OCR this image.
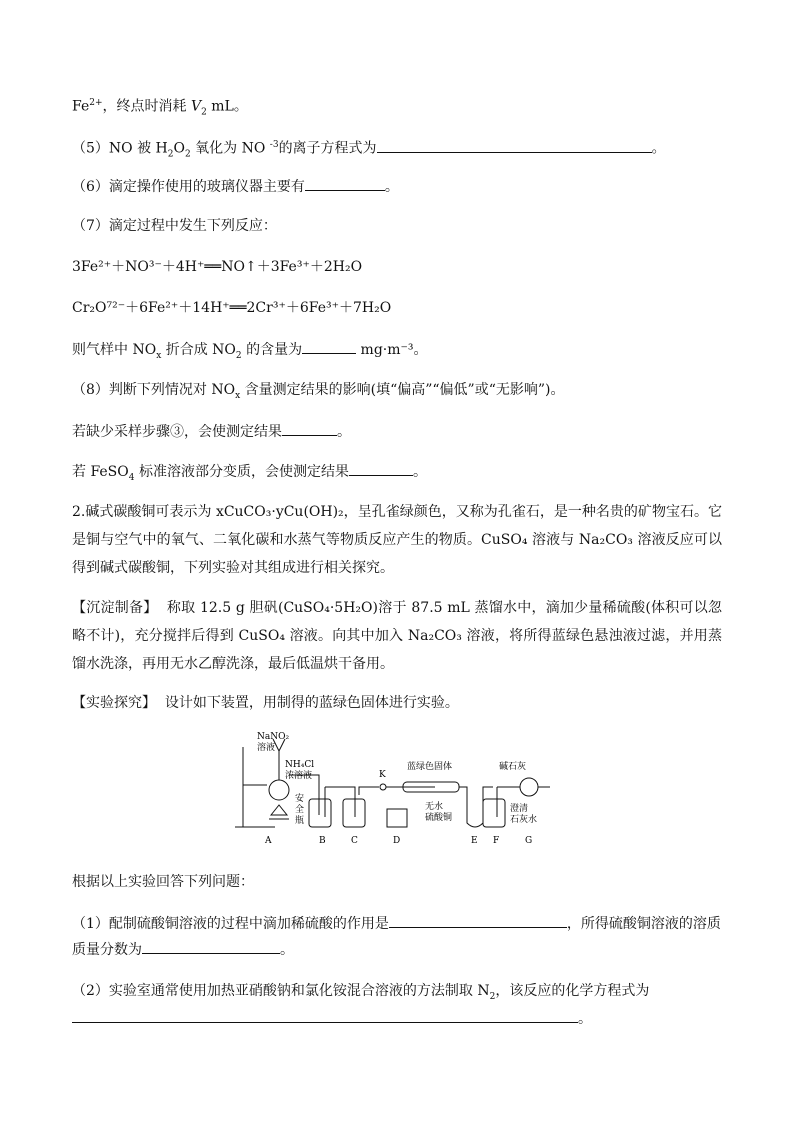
$Fe^{2+}$，终点时消耗 $V_2$ mL。
（5）NO 被 $H_2O_2$ 氧化为 NO $^{-3}$的离子方程式为	。
（6）滴定操作使用的玻璃仪器主要有	。
（7）滴定过程中发生下列反应：
3Fe²⁺＋NO³⁻＋4H⁺══NO↑＋3Fe³⁺＋2H₂O
Cr₂O⁷²⁻＋6Fe²⁺＋14H⁺══2Cr³⁺＋6Fe³⁺＋7H₂O
则气样中 $NO_x$ 折合成 $NO_2$ 的含量为	mg·m⁻³。
（8）判断下列情况对 $NO_x$ 含量测定结果的影响(填“偏高”“偏低”或“无影响”)。
若缺少采样步骤③，会使测定结果	。
若 FeSO$_4$ 标准溶液部分变质，会使测定结果	。
2.碱式碳酸铜可表示为 xCuCO₃·yCu(OH)₂，呈孔雀绿颜色，又称为孔雀石，是一种名贵的矿物宝石。它是铜与空气中的氧气、二氧化碳和水蒸气等物质反应产生的物质。CuSO₄ 溶液与 Na₂CO₃ 溶液反应可以得到碱式碳酸铜，下列实验对其组成进行相关探究。
【沉淀制备】 称取 12.5 g 胆矾(CuSO₄·5H₂O)溶于 87.5 mL 蒸馏水中，滴加少量稀硫酸(体积可以忽略不计)，充分搅拌后得到 CuSO₄ 溶液。向其中加入 Na₂CO₃ 溶液，将所得蓝绿色悬浊液过滤，并用蒸馏水洗涤，再用无水乙醇洗涤，最后低温烘干备用。
【实验探究】 设计如下装置，用制得的蓝绿色固体进行实验。
NaNO₂
溶液
NH₄Cl
浓溶液
安
全
瓶
K
蓝绿色固体
无水
硫酸铜
碱石灰
澄清
石灰水
A	B	C	D	E F	G
根据以上实验回答下列问题：
（1）配制硫酸铜溶液的过程中滴加稀硫酸的作用是	，所得硫酸铜溶液的溶质
质量分数为	。
（2）实验室通常使用加热亚硝酸钠和氯化铵混合溶液的方法制取 $N_2$，该反应的化学方程式为
。
